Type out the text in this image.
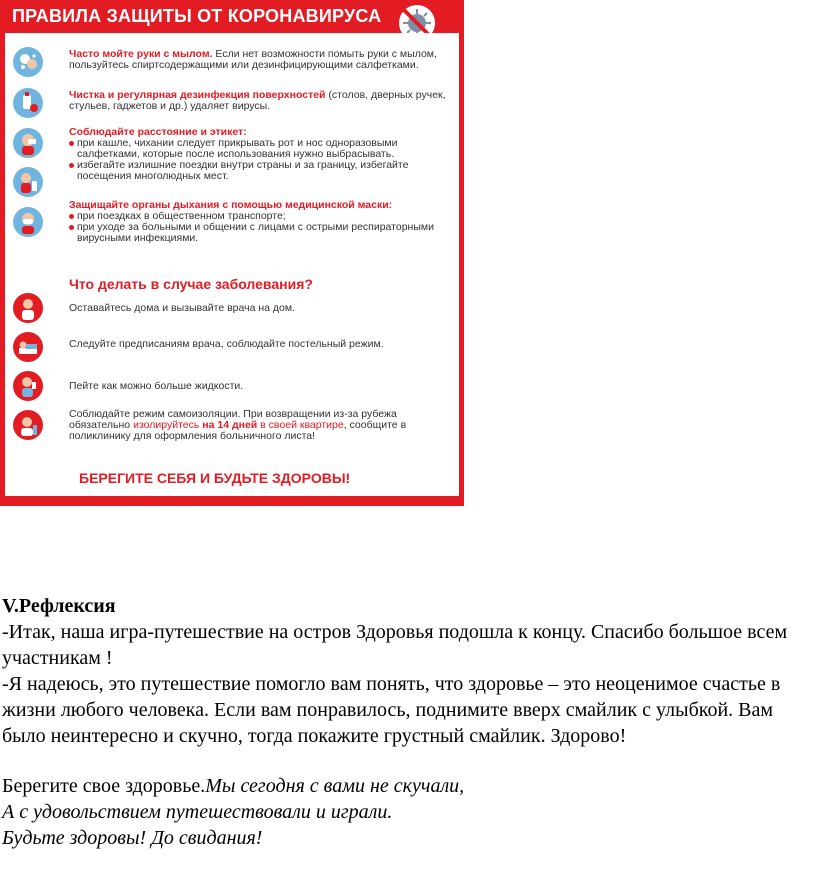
ПРАВИЛА ЗАЩИТЫ ОТ КОРОНАВИРУСА
Часто мойте руки с мылом. Если нет возможности помыть руки с мылом, пользуйтесь спиртсодержащими или дезинфицирующими салфетками.
Чистка и регулярная дезинфекция поверхностей (столов, дверных ручек, стульев, гаджетов и др.) удаляет вирусы.
Соблюдайте расстояние и этикет:
при кашле, чихании следует прикрывать рот и нос одноразовыми салфетками, которые после использования нужно выбрасывать.
избегайте излишние поездки внутри страны и за границу, избегайте посещения многолюдных мест.
Защищайте органы дыхания с помощью медицинской маски:
при поездках в общественном транспорте;
при уходе за больными и общении с лицами с острыми респираторными вирусными инфекциями.
Что делать в случае заболевания?
Оставайтесь дома и вызывайте врача на дом.
Следуйте предписаниям врача, соблюдайте постельный режим.
Пейте как можно больше жидкости.
Соблюдайте режим самоизоляции. При возвращении из-за рубежа обязательно изолируйтесь на 14 дней в своей квартире, сообщите в поликлинику для оформления больничного листа!
БЕРЕГИТЕ СЕБЯ И БУДЬТЕ ЗДОРОВЫ!

V.Рефлексия

-Итак, наша игра-путешествие на остров Здоровья подошла к концу. Спасибо большое всем участникам !

-Я надеюсь, это путешествие помогло вам понять, что здоровье – это неоценимое счастье в жизни любого человека. Если вам понравилось, поднимите вверх смайлик с улыбкой. Вам было неинтересно и скучно, тогда покажите грустный смайлик. Здорово!

Берегите свое здоровье.Мы сегодня с вами не скучали,

А с удовольствием путешествовали и играли.

Будьте здоровы! До свидания!
